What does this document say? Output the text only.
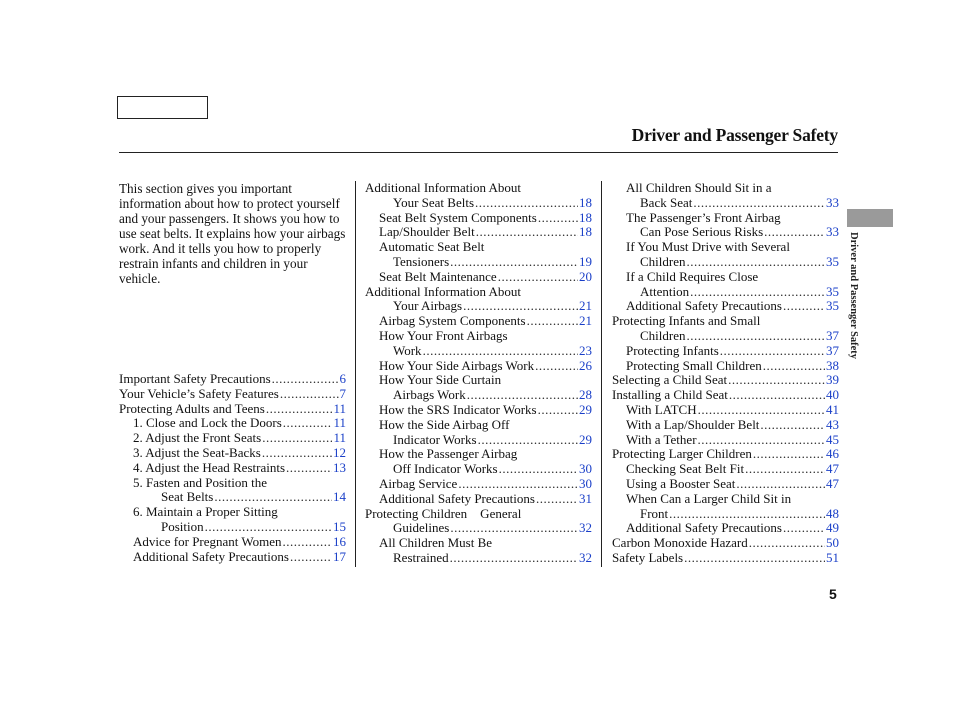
Driver and Passenger Safety
Driver and Passenger Safety

This section gives you important information about how to protect yourself and your passengers. It shows you how to use seat belts. It explains how your airbags work. And it tells you how to properly restrain infants and children in your vehicle.

Important Safety Precautions .....	6
Your Vehicle’s Safety Features .....	7
Protecting Adults and Teens .....	11
1. Close and Lock the Doors .....	11
2. Adjust the Front Seats .....	11
3. Adjust the Seat-Backs .....	12
4. Adjust the Head Restraints .....	13
5. Fasten and Position the
Seat Belts .....	14
6. Maintain a Proper Sitting
Position .....	15
Advice for Pregnant Women .....	16
Additional Safety Precautions .....	17
Additional Information About
Your Seat Belts .....	18
Seat Belt System Components .....	18
Lap/Shoulder Belt .....	18
Automatic Seat Belt
Tensioners .....	19
Seat Belt Maintenance .....	20
Additional Information About
Your Airbags .....	21
Airbag System Components .....	21
How Your Front Airbags
Work .....	23
How Your Side Airbags Work .....	26
How Your Side Curtain
Airbags Work .....	28
How the SRS Indicator Works .....	29
How the Side Airbag Off
Indicator Works .....	29
How the Passenger Airbag
Off Indicator Works .....	30
Airbag Service .....	30
Additional Safety Precautions .....	31
Protecting Children    General
Guidelines .....	32
All Children Must Be
Restrained .....	32
All Children Should Sit in a
Back Seat .....	33
The Passenger’s Front Airbag
Can Pose Serious Risks .....	33
If You Must Drive with Several
Children .....	35
If a Child Requires Close
Attention .....	35
Additional Safety Precautions .....	35
Protecting Infants and Small
Children .....	37
Protecting Infants .....	37
Protecting Small Children .....	38
Selecting a Child Seat .....	39
Installing a Child Seat .....	40
With LATCH .....	41
With a Lap/Shoulder Belt .....	43
With a Tether .....	45
Protecting Larger Children .....	46
Checking Seat Belt Fit .....	47
Using a Booster Seat .....	47
When Can a Larger Child Sit in
Front .....	48
Additional Safety Precautions .....	49
Carbon Monoxide Hazard .....	50
Safety Labels .....	51
5
